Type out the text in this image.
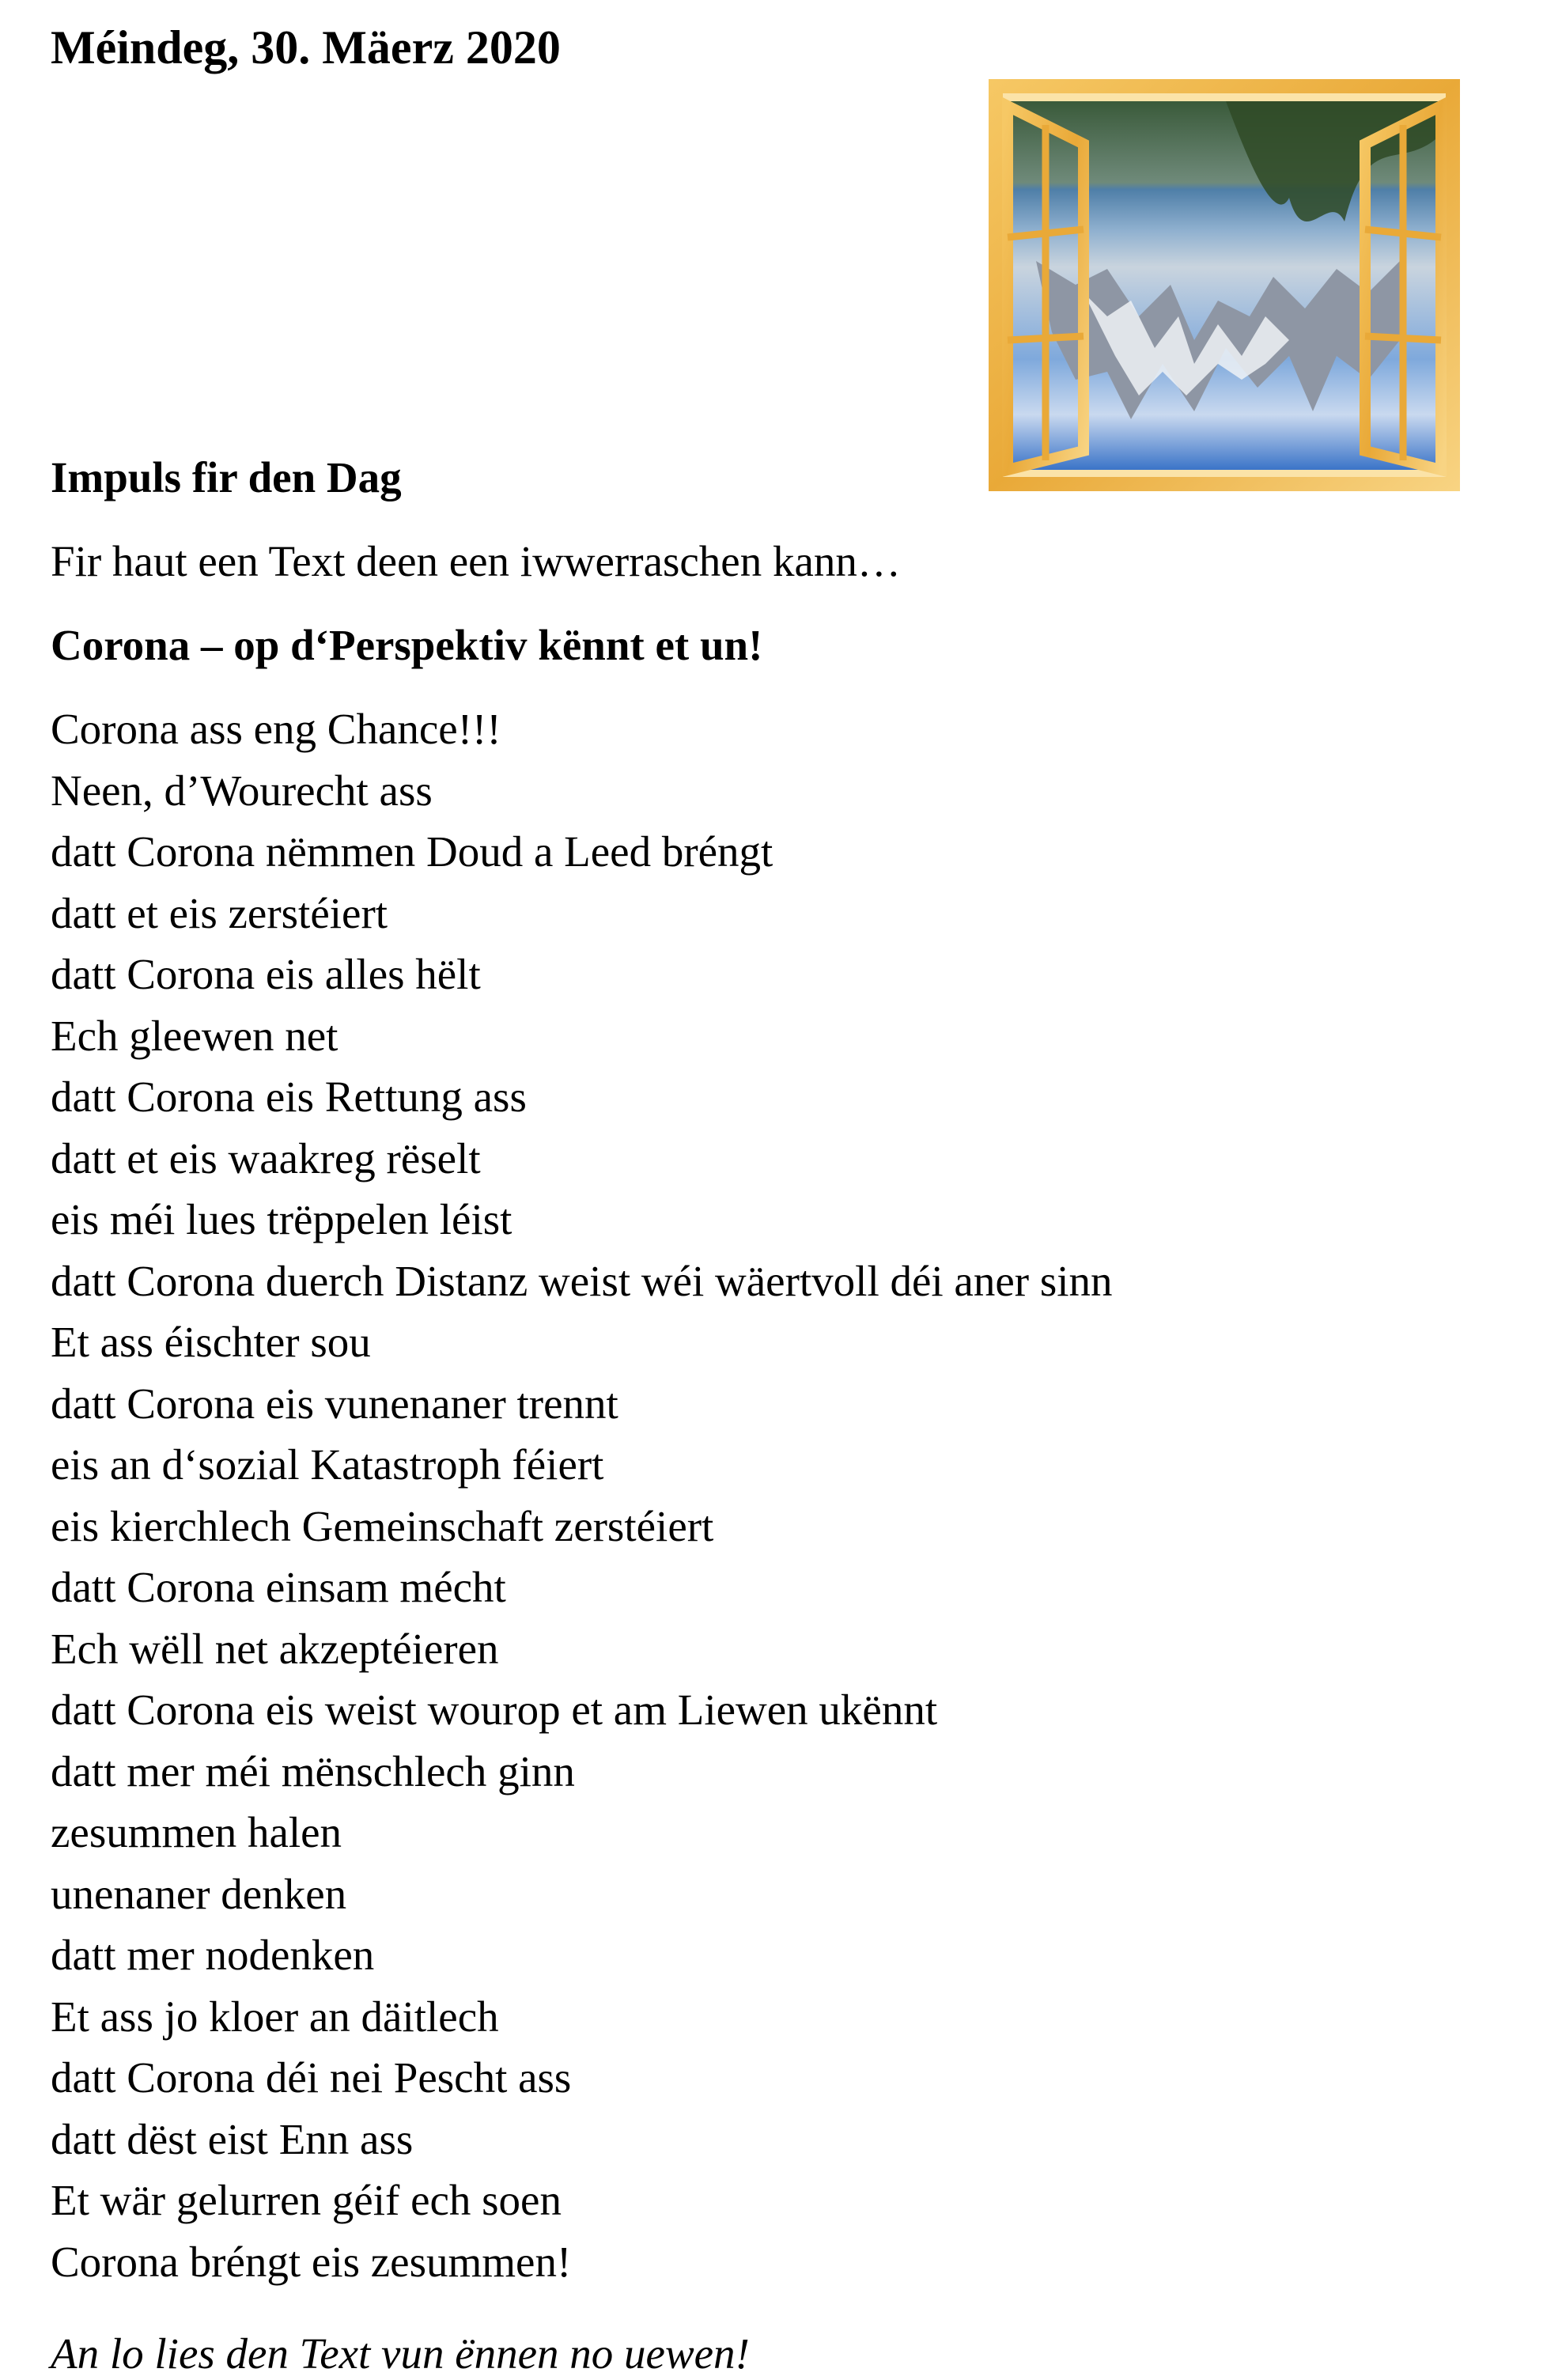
Méindeg, 30. Mäerz 2020
Impuls fir den Dag
Fir haut een Text deen een iwwerraschen kann…
Corona – op d‘Perspektiv kënnt et un!
Corona ass eng Chance!!!
Neen, d’Wourecht ass
datt Corona nëmmen Doud a Leed bréngt
datt et eis zerstéiert
datt Corona eis alles hëlt
Ech gleewen net
datt Corona eis Rettung ass
datt et eis waakreg rëselt
eis méi lues trëppelen léist
datt Corona duerch Distanz weist wéi wäertvoll déi aner sinn
Et ass éischter sou
datt Corona eis vunenaner trennt
eis an d‘sozial Katastroph féiert
eis kierchlech Gemeinschaft zerstéiert
datt Corona einsam mécht
Ech wëll net akzeptéieren
datt Corona eis weist wourop et am Liewen ukënnt
datt mer méi mënschlech ginn
zesummen halen
unenaner denken
datt mer nodenken
Et ass jo kloer an däitlech
datt Corona déi nei Pescht ass
datt dëst eist Enn ass
Et wär gelurren géif ech soen
Corona bréngt eis zesummen!
An lo lies den Text vun ënnen no uewen!
